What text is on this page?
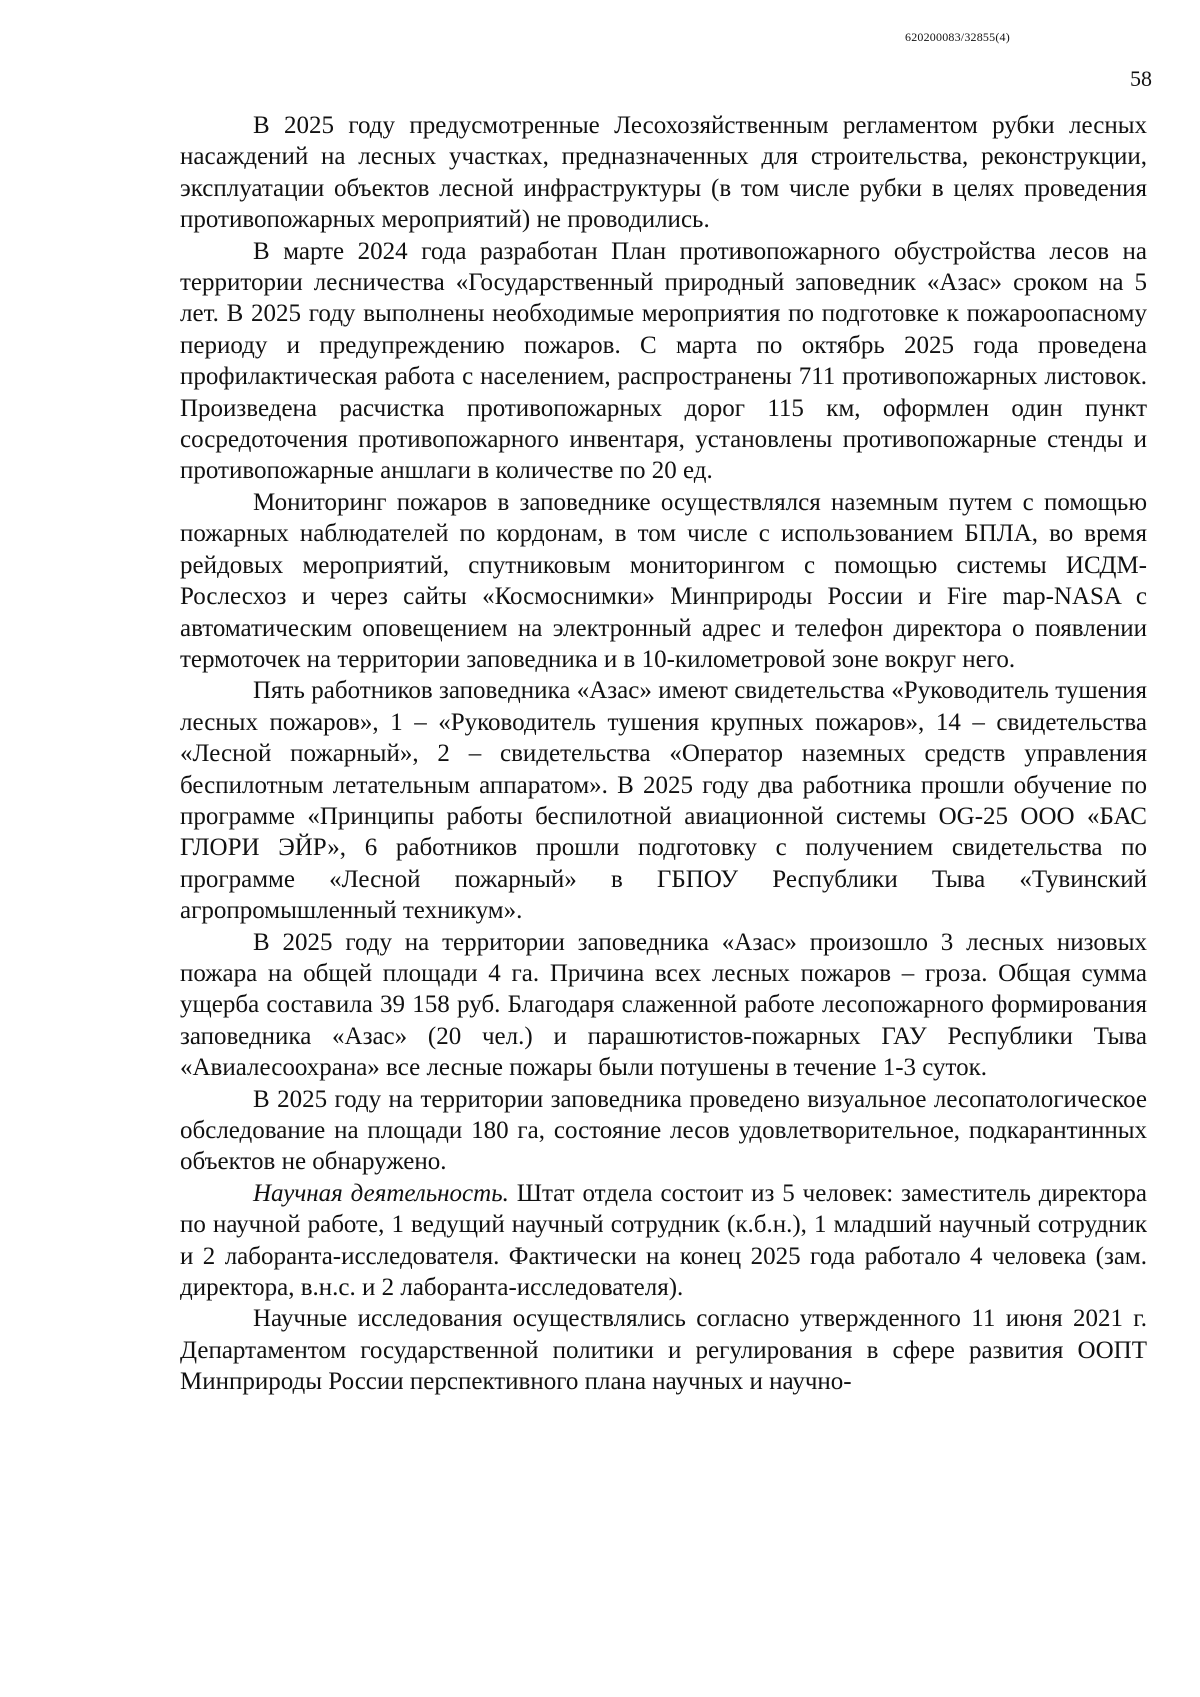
620200083/32855(4)
58

В 2025 году предусмотренные Лесохозяйственным регламентом рубки лесных насаждений на лесных участках, предназначенных для строительства, реконструкции, эксплуатации объектов лесной инфраструктуры (в том числе рубки в целях проведения противопожарных мероприятий) не проводились.

В марте 2024 года разработан План противопожарного обустройства лесов на территории лесничества «Государственный природный заповедник «Азас» сроком на 5 лет. В 2025 году выполнены необходимые мероприятия по подготовке к пожароопасному периоду и предупреждению пожаров. С марта по октябрь 2025 года проведена профилактическая работа с населением, распространены 711 противопожарных листовок. Произведена расчистка противопожарных дорог 115 км, оформлен один пункт сосредоточения противопожарного инвентаря, установлены противопожарные стенды и противопожарные аншлаги в количестве по 20 ед.

Мониторинг пожаров в заповеднике осуществлялся наземным путем с помощью пожарных наблюдателей по кордонам, в том числе с использованием БПЛА, во время рейдовых мероприятий, спутниковым мониторингом с помощью системы ИСДМ-Рослесхоз и через сайты «Космоснимки» Минприроды России и Fire map-NASA с автоматическим оповещением на электронный адрес и телефон директора о появлении термоточек на территории заповедника и в 10-километровой зоне вокруг него.

Пять работников заповедника «Азас» имеют свидетельства «Руководитель тушения лесных пожаров», 1 – «Руководитель тушения крупных пожаров», 14 – свидетельства «Лесной пожарный», 2 – свидетельства «Оператор наземных средств управления беспилотным летательным аппаратом». В 2025 году два работника прошли обучение по программе «Принципы работы беспилотной авиационной системы OG-25 ООО «БАС ГЛОРИ ЭЙР», 6 работников прошли подготовку с получением свидетельства по программе «Лесной пожарный» в ГБПОУ Республики Тыва «Тувинский агропромышленный техникум».

В 2025 году на территории заповедника «Азас» произошло 3 лесных низовых пожара на общей площади 4 га. Причина всех лесных пожаров – гроза. Общая сумма ущерба составила 39 158 руб. Благодаря слаженной работе лесопожарного формирования заповедника «Азас» (20 чел.) и парашютистов-пожарных ГАУ Республики Тыва «Авиалесоохрана» все лесные пожары были потушены в течение 1-3 суток.

В 2025 году на территории заповедника проведено визуальное лесопатологическое обследование на площади 180 га, состояние лесов удовлетворительное, подкарантинных объектов не обнаружено.

Научная деятельность. Штат отдела состоит из 5 человек: заместитель директора по научной работе, 1 ведущий научный сотрудник (к.б.н.), 1 младший научный сотрудник и 2 лаборанта-исследователя. Фактически на конец 2025 года работало 4 человека (зам. директора, в.н.с. и 2 лаборанта-исследователя).

Научные исследования осуществлялись согласно утвержденного 11 июня 2021 г. Департаментом государственной политики и регулирования в сфере развития ООПТ Минприроды России перспективного плана научных и научно-
